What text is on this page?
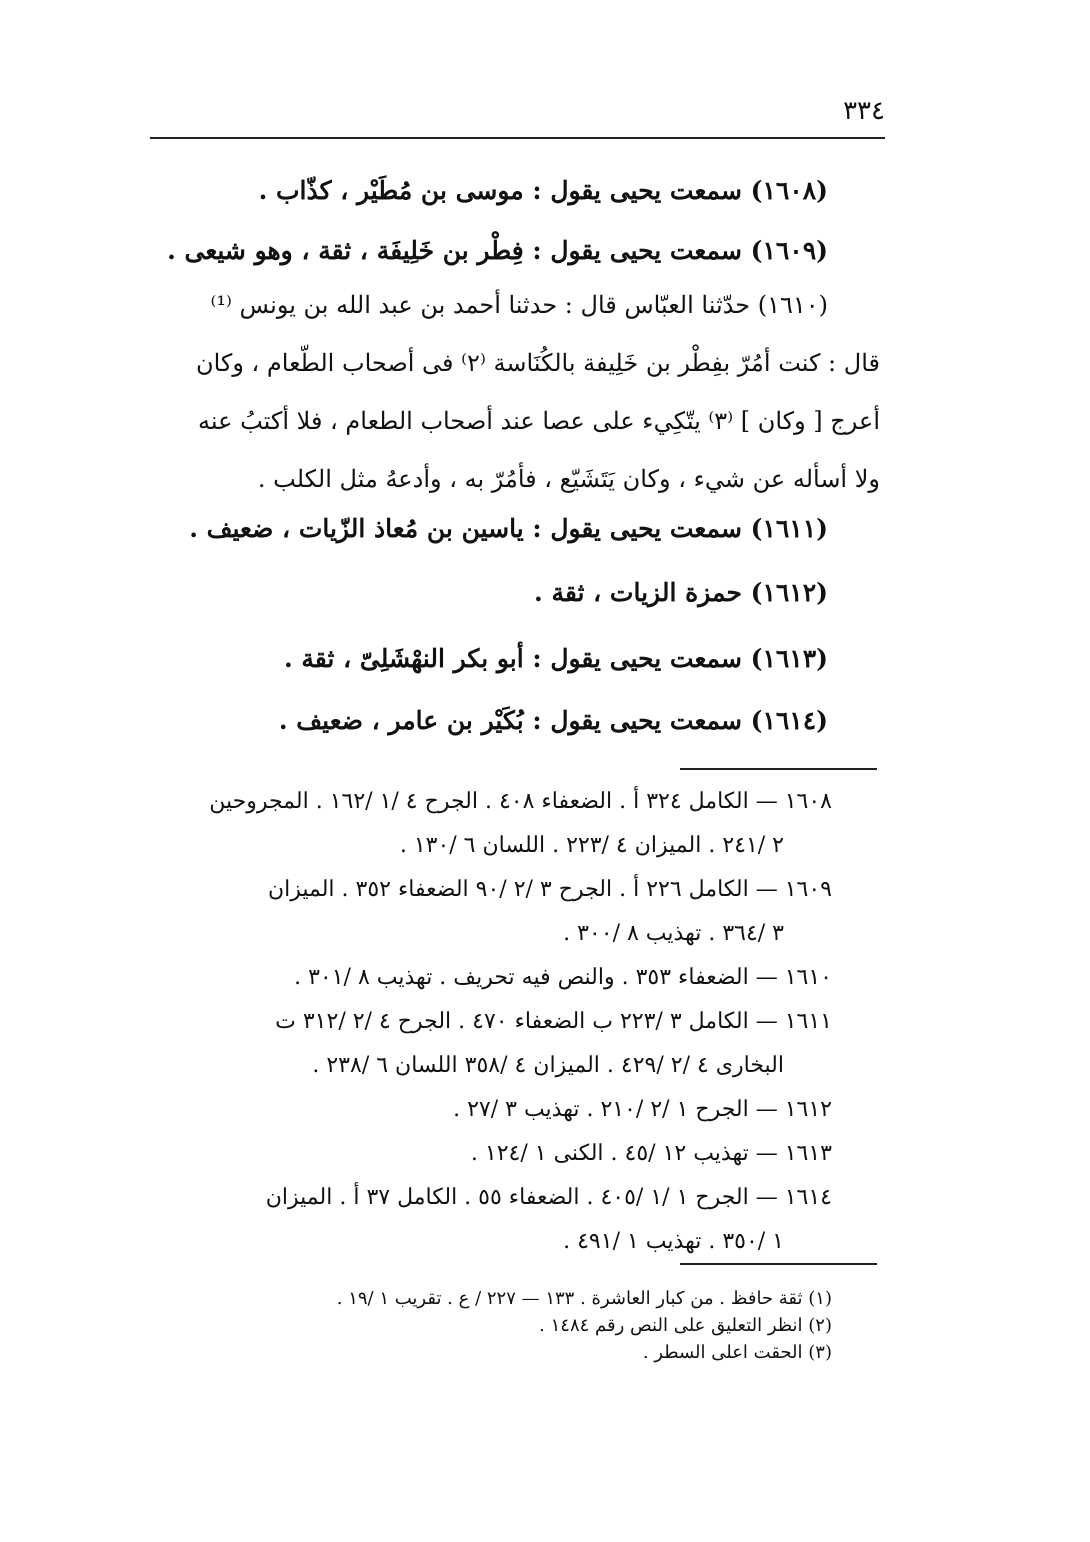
٣٣٤
(١٦٠٨) سمعت يحيى يقول : موسى بن مُطَيْر ، كذّاب .
(١٦٠٩) سمعت يحيى يقول : فِطْر بن خَلِيفَة ، ثقة ، وهو شيعى .
(١٦١٠) حدّثنا العبّاس قال : حدثنا أحمد بن عبد الله بن يونس ⁽¹⁾
قال : كنت أمُرّ بفِطْر بن خَلِيفة بالكُنَاسة ⁽٢⁾ فى أصحاب الطّعام ، وكان
أعرج [ وكان ] ⁽٣⁾ يتّكِيء على عصا عند أصحاب الطعام ، فلا أكتبُ عنه
ولا أسأله عن شيء ، وكان يَتَشَيّع ، فأمُرّ به ، وأدعهُ مثل الكلب .
(١٦١١) سمعت يحيى يقول : ياسين بن مُعاذ الزّيات ، ضعيف .
(١٦١٢) حمزة الزيات ، ثقة .
(١٦١٣) سمعت يحيى يقول : أبو بكر النهْشَلِىّ ، ثقة .
(١٦١٤) سمعت يحيى يقول : بُكَيْر بن عامر ، ضعيف .
١٦٠٨ — الكامل ٣٢٤ أ . الضعفاء ٤٠٨ . الجرح ٤ /١ /١٦٢ . المجروحين
٢ /٢٤١ . الميزان ٤ /٢٢٣ . اللسان ٦ /١٣٠ .
١٦٠٩ — الكامل ٢٢٦ أ . الجرح ٣ /٢ /٩٠ الضعفاء ٣٥٢ . الميزان
٣ /٣٦٤ . تهذيب ٨ /٣٠٠ .
١٦١٠ — الضعفاء ٣٥٣ . والنص فيه تحريف . تهذيب ٨ /٣٠١ .
١٦١١ — الكامل ٣ /٢٢٣ ب الضعفاء ٤٧٠ . الجرح ٤ /٢ /٣١٢ ت
البخارى ٤ /٢ /٤٢٩ . الميزان ٤ /٣٥٨ اللسان ٦ /٢٣٨ .
١٦١٢ — الجرح ١ /٢ /٢١٠ . تهذيب ٣ /٢٧ .
١٦١٣ — تهذيب ١٢ /٤٥ . الكنى ١ /١٢٤ .
١٦١٤ — الجرح ١ /١ /٤٠٥ . الضعفاء ٥٥ . الكامل ٣٧ أ . الميزان
١ /٣٥٠ . تهذيب ١ /٤٩١ .
(١) ثقة حافظ . من كبار العاشرة . ١٣٣ — ٢٢٧ / ع . تقريب ١ /١٩ .
(٢) انظر التعليق على النص رقم ١٤٨٤ .
(٣) الحقت اعلى السطر .
